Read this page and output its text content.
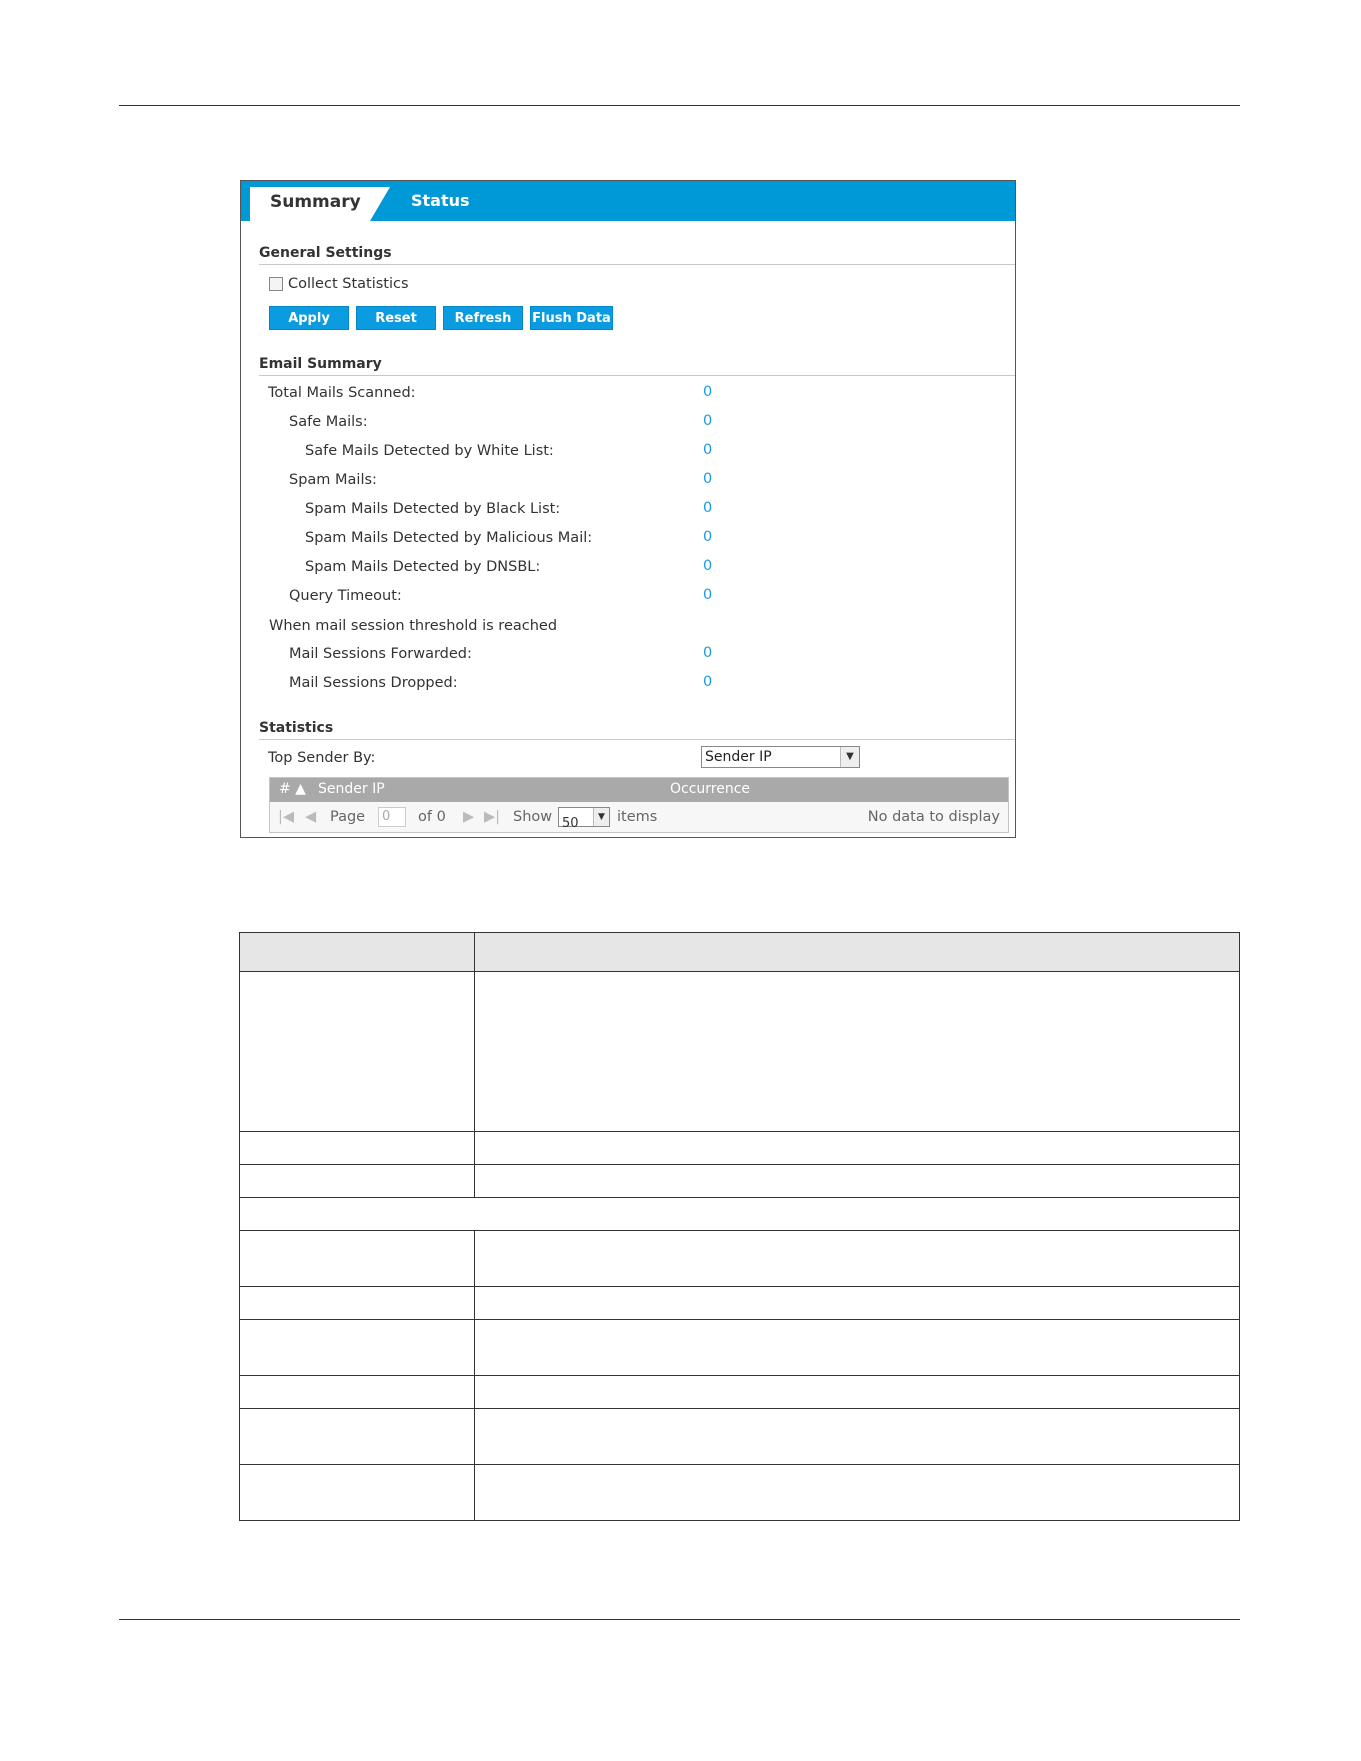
Summary	Status
General Settings
Collect Statistics
Apply	Reset	Refresh	Flush Data
Email Summary
Total Mails Scanned:	0
Safe Mails:	0
Safe Mails Detected by White List:	0
Spam Mails:	0
Spam Mails Detected by Black List:	0
Spam Mails Detected by Malicious Mail:	0
Spam Mails Detected by DNSBL:	0
Query Timeout:	0
When mail session threshold is reached
Mail Sessions Forwarded:	0
Mail Sessions Dropped:	0
Statistics
Top Sender By:	Sender IP	▼
# ▲ Sender IP	Occurrence
|◀ ◀ Page	0	of 0 ▶ ▶| Show 50	▼ items	No data to display
